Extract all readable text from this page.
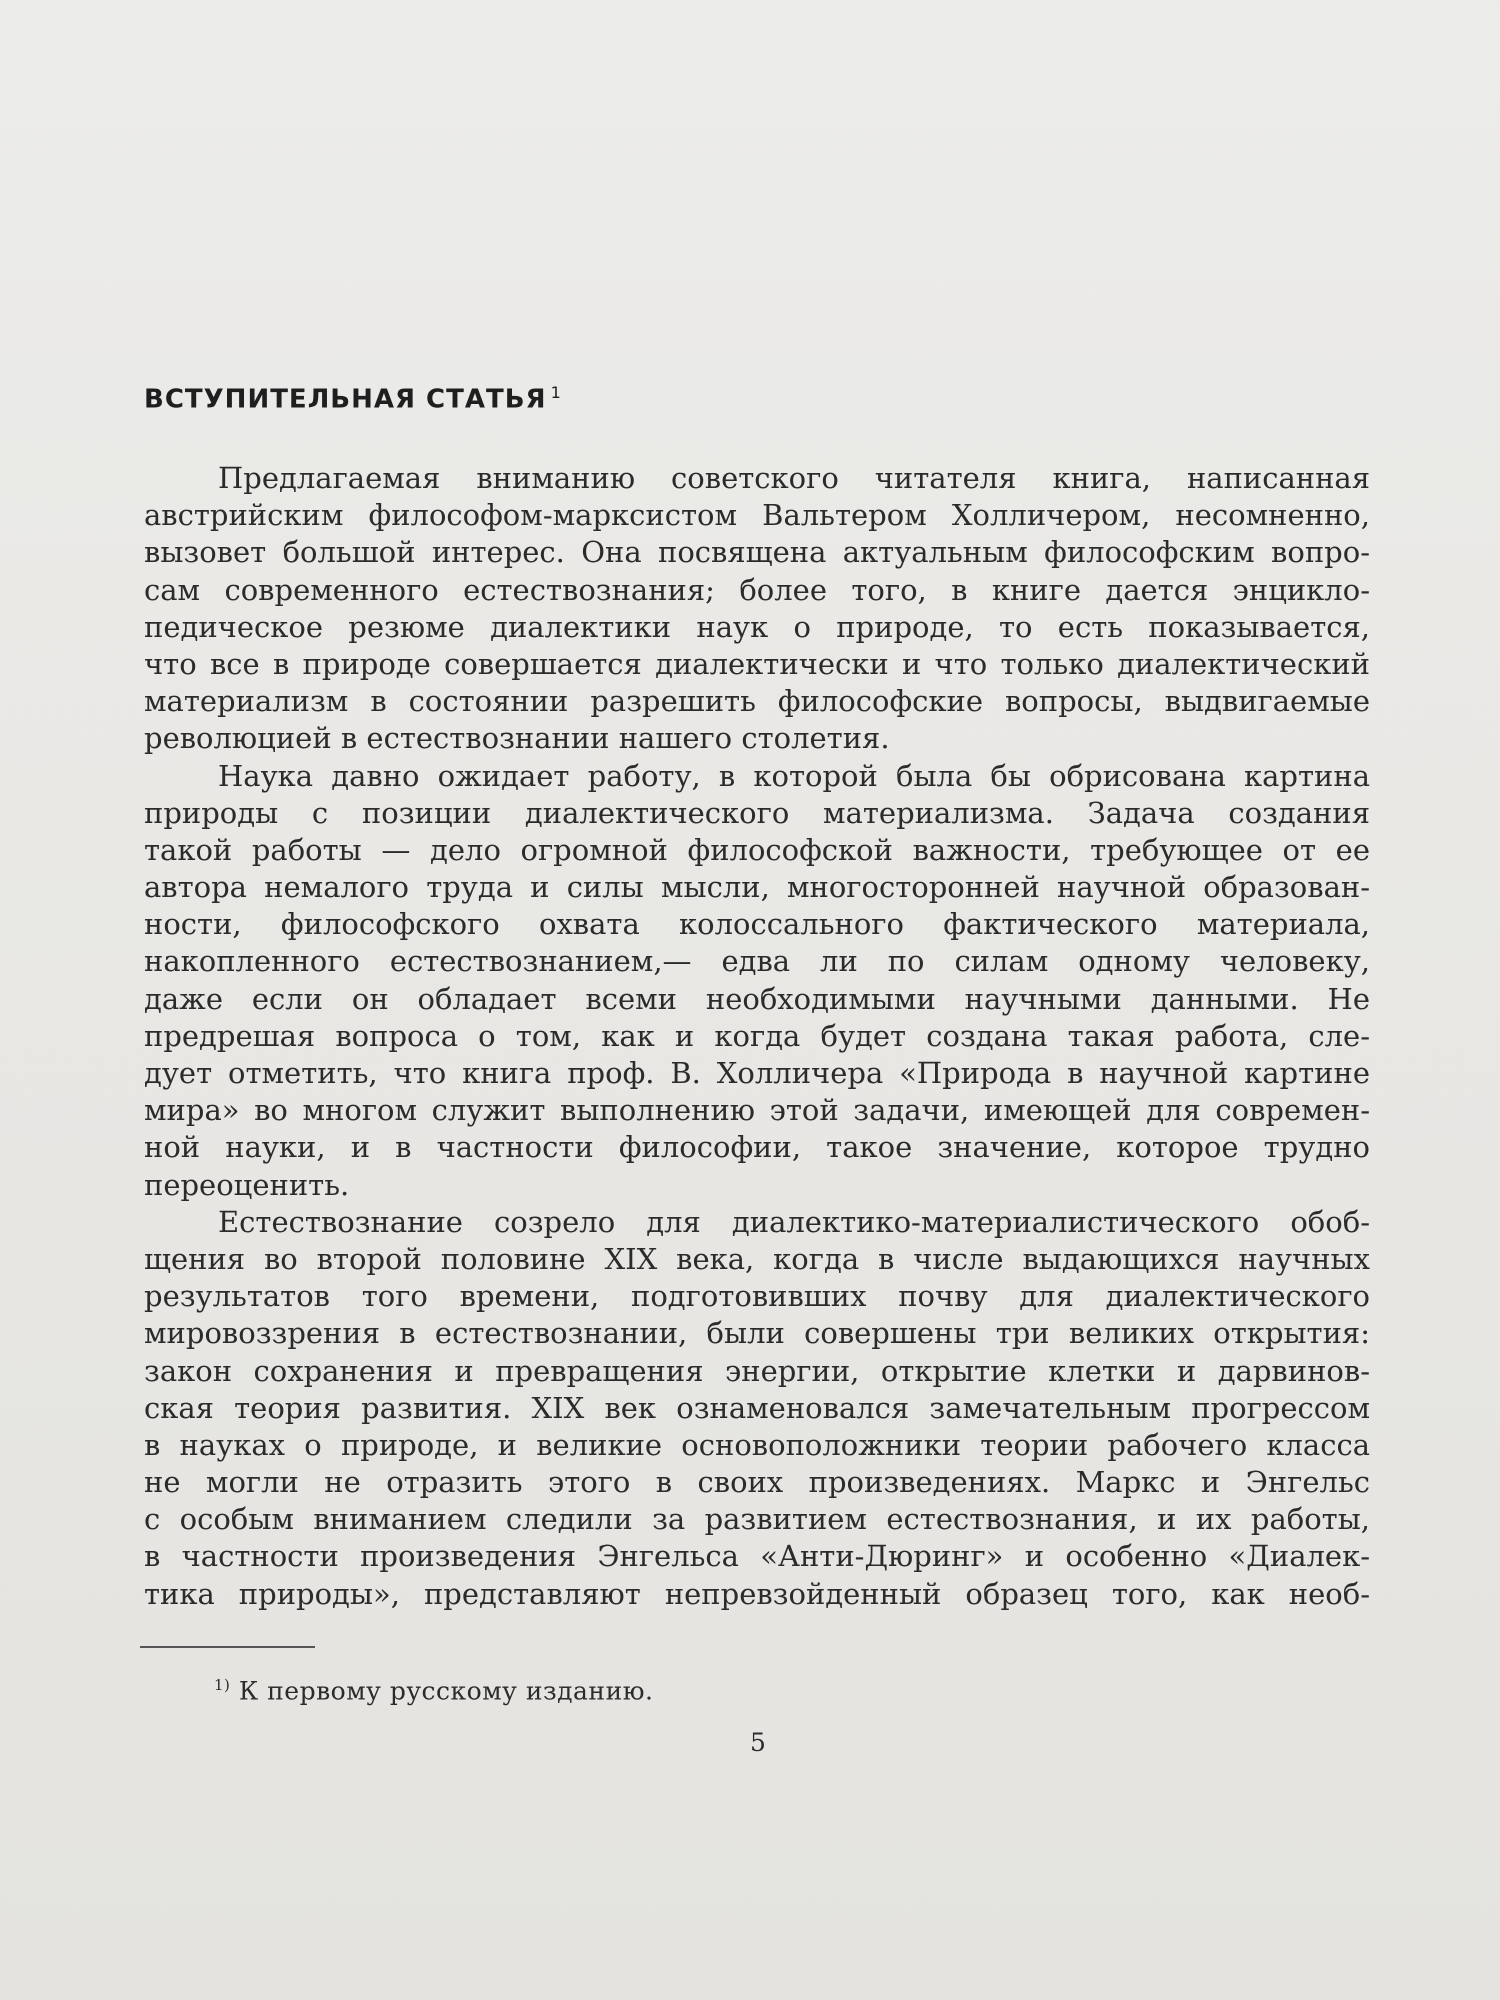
ВСТУПИТЕЛЬНАЯ СТАТЬЯ $^1$
Предлагаемая вниманию советского читателя книга, написанная
австрийским философом-марксистом Вальтером Холличером, несомненно,
вызовет большой интерес. Она посвящена актуальным философским вопро-
сам современного естествознания; более того, в книге дается энцикло-
педическое резюме диалектики наук о природе, то есть показывается,
что все в природе совершается диалектически и что только диалектический
материализм в состоянии разрешить философские вопросы, выдвигаемые
революцией в естествознании нашего столетия.
Наука давно ожидает работу, в которой была бы обрисована картина
природы с позиции диалектического материализма. Задача создания
такой работы — дело огромной философской важности, требующее от ее
автора немалого труда и силы мысли, многосторонней научной образован-
ности, философского охвата колоссального фактического материала,
накопленного естествознанием,— едва ли по силам одному человеку,
даже если он обладает всеми необходимыми научными данными. Не
предрешая вопроса о том, как и когда будет создана такая работа, сле-
дует отметить, что книга проф. В. Холличера «Природа в научной картине
мира» во многом служит выполнению этой задачи, имеющей для современ-
ной науки, и в частности философии, такое значение, которое трудно
переоценить.
Естествознание созрело для диалектико-материалистического обоб-
щения во второй половине XIX века, когда в числе выдающихся научных
результатов того времени, подготовивших почву для диалектического
мировоззрения в естествознании, были совершены три великих открытия:
закон сохранения и превращения энергии, открытие клетки и дарвинов-
ская теория развития. XIX век ознаменовался замечательным прогрессом
в науках о природе, и великие основоположники теории рабочего класса
не могли не отразить этого в своих произведениях. Маркс и Энгельс
с особым вниманием следили за развитием естествознания, и их работы,
в частности произведения Энгельса «Анти-Дюринг» и особенно «Диалек-
тика природы», представляют непревзойденный образец того, как необ-
$^{1)}$ К первому русскому изданию.
5
